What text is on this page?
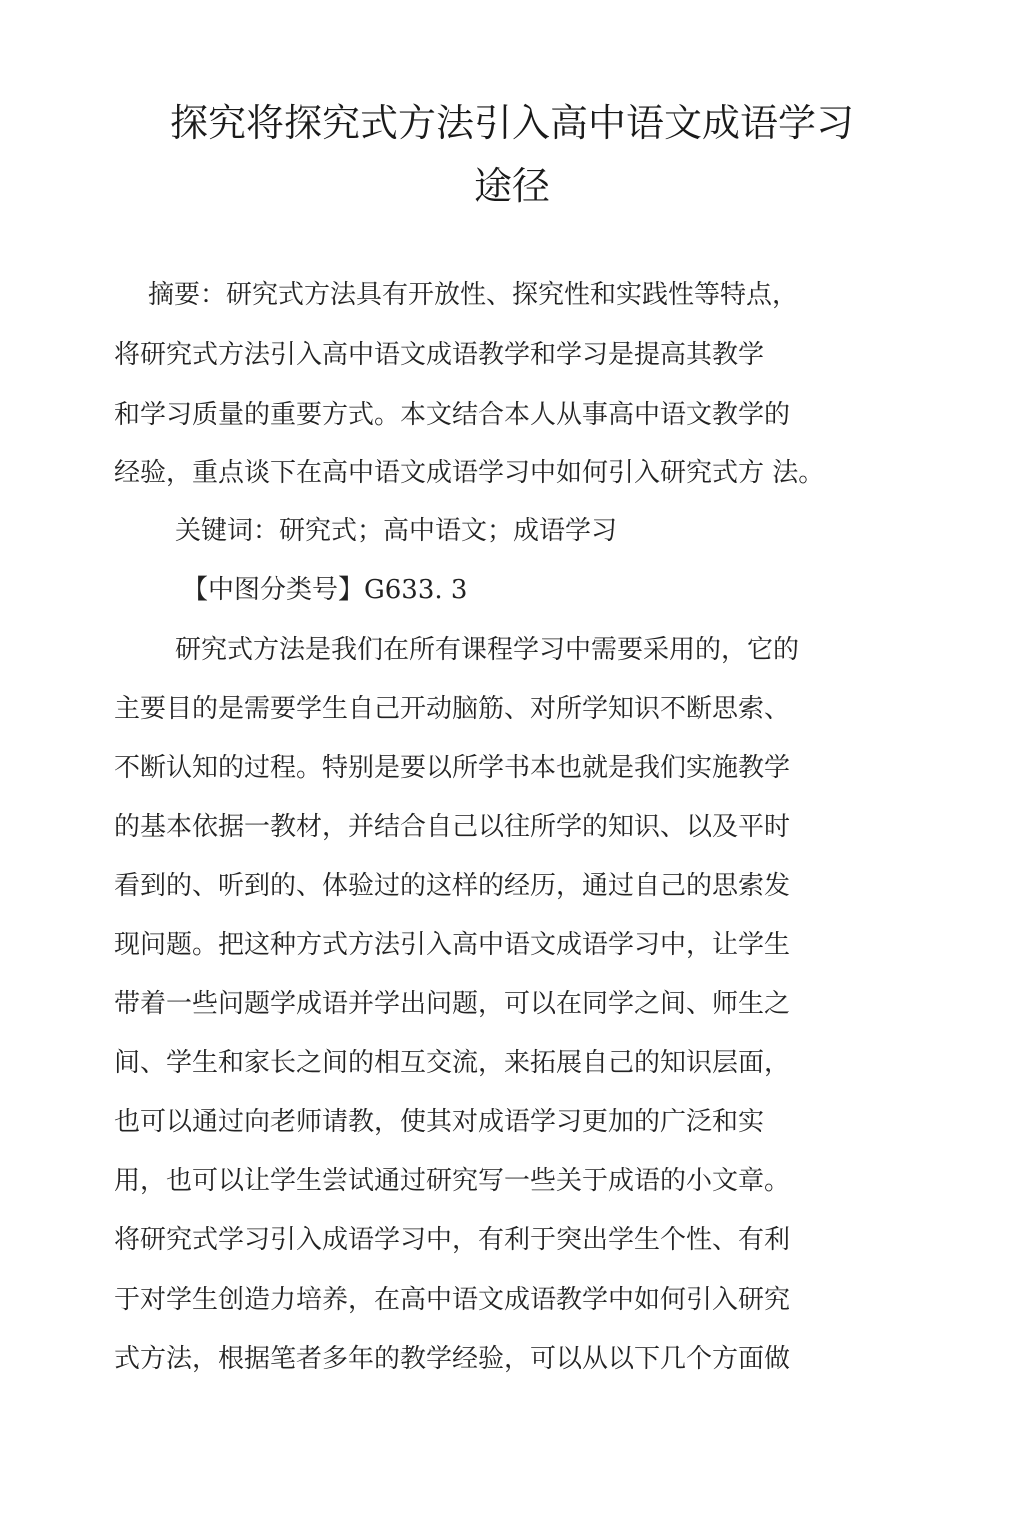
探究将探究式方法引入高中语文成语学习
途径
摘要：研究式方法具有开放性、探究性和实践性等特点，
将研究式方法引入高中语文成语教学和学习是提高其教学
和学习质量的重要方式。本文结合本人从事高中语文教学的
经验，重点谈下在高中语文成语学习中如何引入研究式方 法。
关键词：研究式；高中语文；成语学习
【中图分类号】G633. 3
研究式方法是我们在所有课程学习中需要采用的，它的
主要目的是需要学生自己开动脑筋、对所学知识不断思索、
不断认知的过程。特别是要以所学书本也就是我们实施教学
的基本依据一教材，并结合自己以往所学的知识、以及平时
看到的、听到的、体验过的这样的经历，通过自己的思索发
现问题。把这种方式方法引入高中语文成语学习中，让学生
带着一些问题学成语并学出问题，可以在同学之间、师生之
间、学生和家长之间的相互交流，来拓展自己的知识层面，
也可以通过向老师请教，使其对成语学习更加的广泛和实
用，也可以让学生尝试通过研究写一些关于成语的小文章。
将研究式学习引入成语学习中，有利于突出学生个性、有利
于对学生创造力培养，在高中语文成语教学中如何引入研究
式方法，根据笔者多年的教学经验，可以从以下几个方面做
